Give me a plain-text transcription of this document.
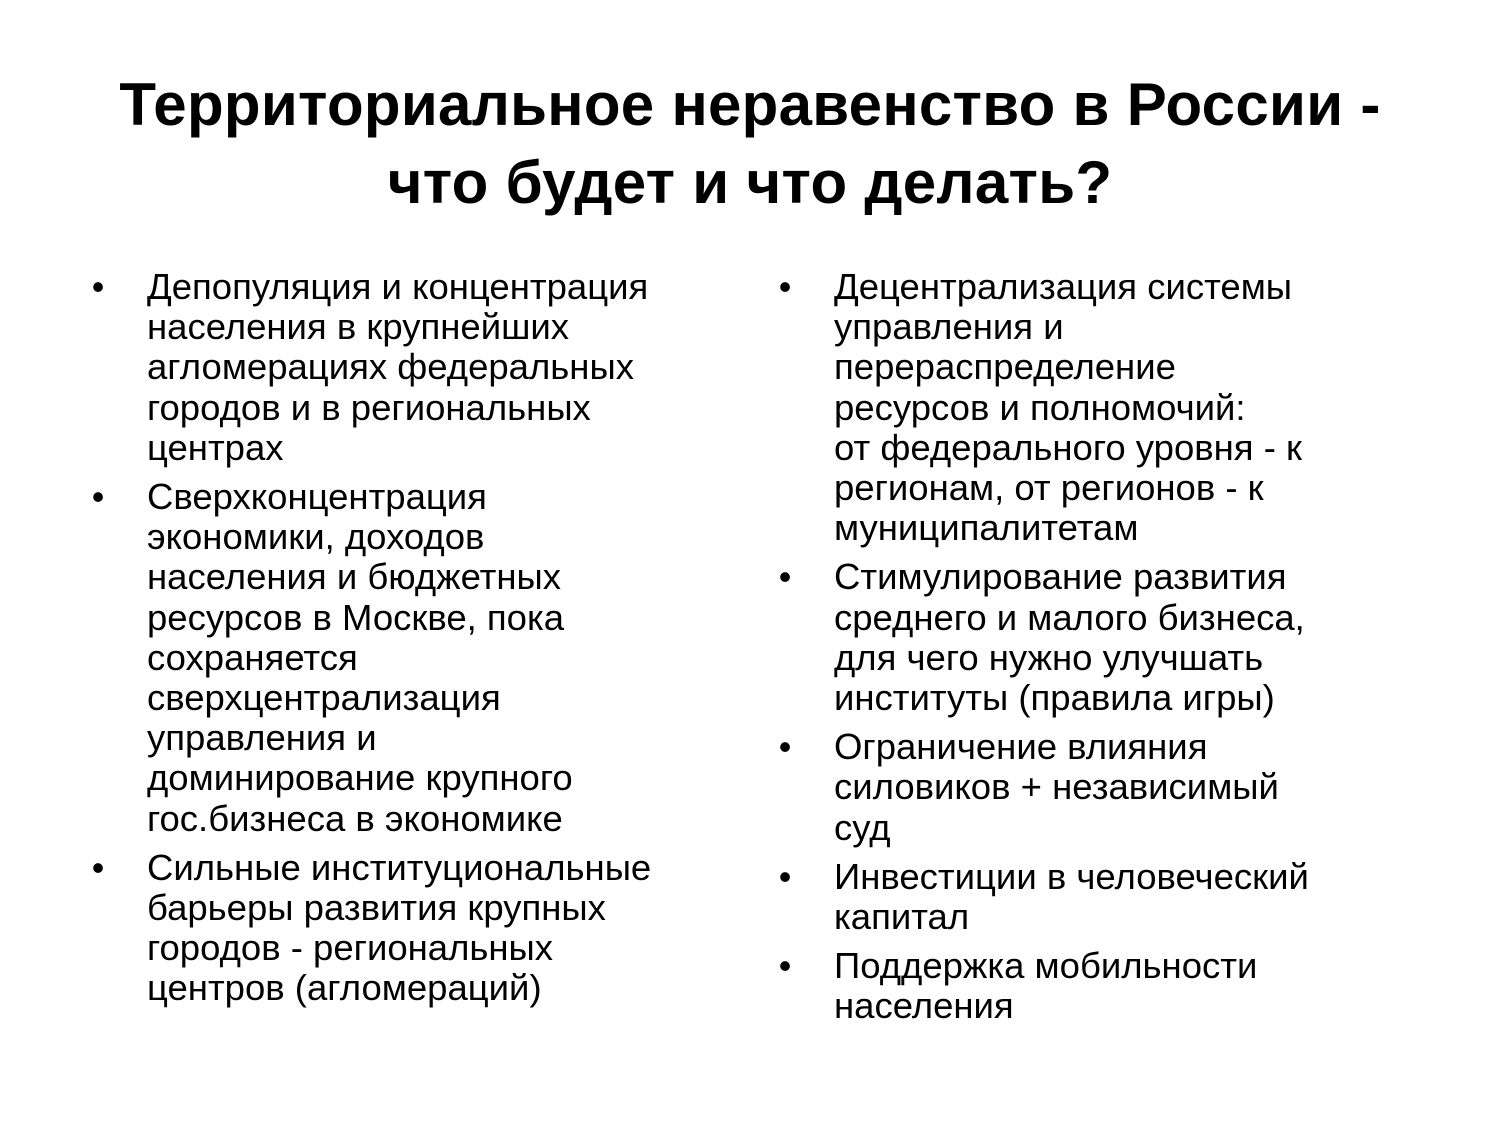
Территориальное неравенство в России -
что будет и что делать?
• Депопуляция и концентрация
населения в крупнейших
агломерациях федеральных
городов и в региональных
центрах
• Сверхконцентрация
экономики, доходов
населения и бюджетных
ресурсов в Москве, пока
сохраняется
сверхцентрализация
управления и
доминирование крупного
гос.бизнеса в экономике
• Сильные институциональные
барьеры развития крупных
городов - региональных
центров (агломераций)
• Децентрализация системы
управления и
перераспределение
ресурсов и полномочий:
от федерального уровня - к
регионам, от регионов - к
муниципалитетам
• Стимулирование развития
среднего и малого бизнеса,
для чего нужно улучшать
институты (правила игры)
• Ограничение влияния
силовиков + независимый
суд
• Инвестиции в человеческий
капитал
• Поддержка мобильности
населения
